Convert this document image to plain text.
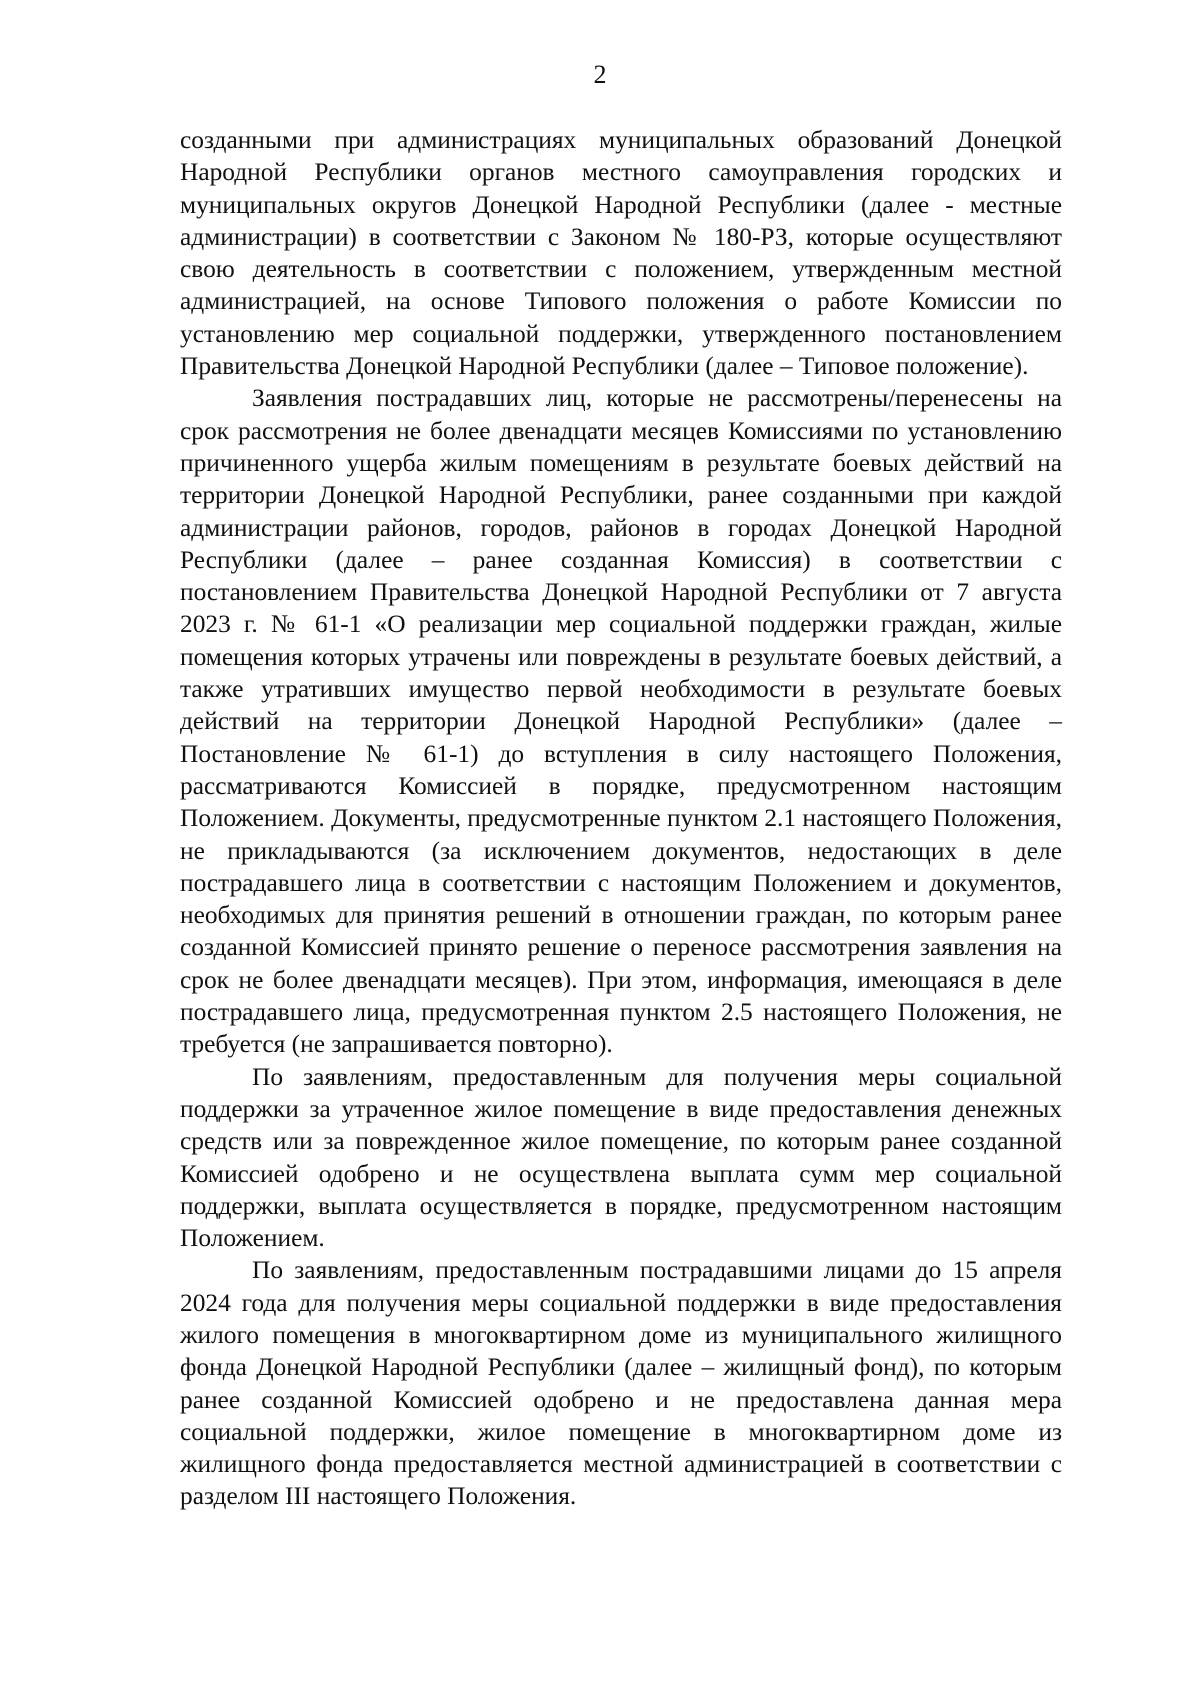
2

созданными при администрациях муниципальных образований Донецкой Народной Республики органов местного самоуправления городских и муниципальных округов Донецкой Народной Республики (далее - местные администрации) в соответствии с Законом № 180-РЗ, которые осуществляют свою деятельность в соответствии с положением, утвержденным местной администрацией, на основе Типового положения о работе Комиссии по установлению мер социальной поддержки, утвержденного постановлением Правительства Донецкой Народной Республики (далее – Типовое положение).

Заявления пострадавших лиц, которые не рассмотрены/перенесены на срок рассмотрения не более двенадцати месяцев Комиссиями по установлению причиненного ущерба жилым помещениям в результате боевых действий на территории Донецкой Народной Республики, ранее созданными при каждой администрации районов, городов, районов в городах Донецкой Народной Республики (далее – ранее созданная Комиссия) в соответствии с постановлением Правительства Донецкой Народной Республики от 7 августа 2023 г. № 61-1 «О реализации мер социальной поддержки граждан, жилые помещения которых утрачены или повреждены в результате боевых действий, а также утративших имущество первой необходимости в результате боевых действий на территории Донецкой Народной Республики» (далее – Постановление № 61-1) до вступления в силу настоящего Положения, рассматриваются Комиссией в порядке, предусмотренном настоящим Положением. Документы, предусмотренные пунктом 2.1 настоящего Положения, не прикладываются (за исключением документов, недостающих в деле пострадавшего лица в соответствии с настоящим Положением и документов, необходимых для принятия решений в отношении граждан, по которым ранее созданной Комиссией принято решение о переносе рассмотрения заявления на срок не более двенадцати месяцев). При этом, информация, имеющаяся в деле пострадавшего лица, предусмотренная пунктом 2.5 настоящего Положения, не требуется (не запрашивается повторно).

По заявлениям, предоставленным для получения меры социальной поддержки за утраченное жилое помещение в виде предоставления денежных средств или за поврежденное жилое помещение, по которым ранее созданной Комиссией одобрено и не осуществлена выплата сумм мер социальной поддержки, выплата осуществляется в порядке, предусмотренном настоящим Положением.

По заявлениям, предоставленным пострадавшими лицами до 15 апреля 2024 года для получения меры социальной поддержки в виде предоставления жилого помещения в многоквартирном доме из муниципального жилищного фонда Донецкой Народной Республики (далее – жилищный фонд), по которым ранее созданной Комиссией одобрено и не предоставлена данная мера социальной поддержки, жилое помещение в многоквартирном доме из жилищного фонда предоставляется местной администрацией в соответствии с разделом III настоящего Положения.
